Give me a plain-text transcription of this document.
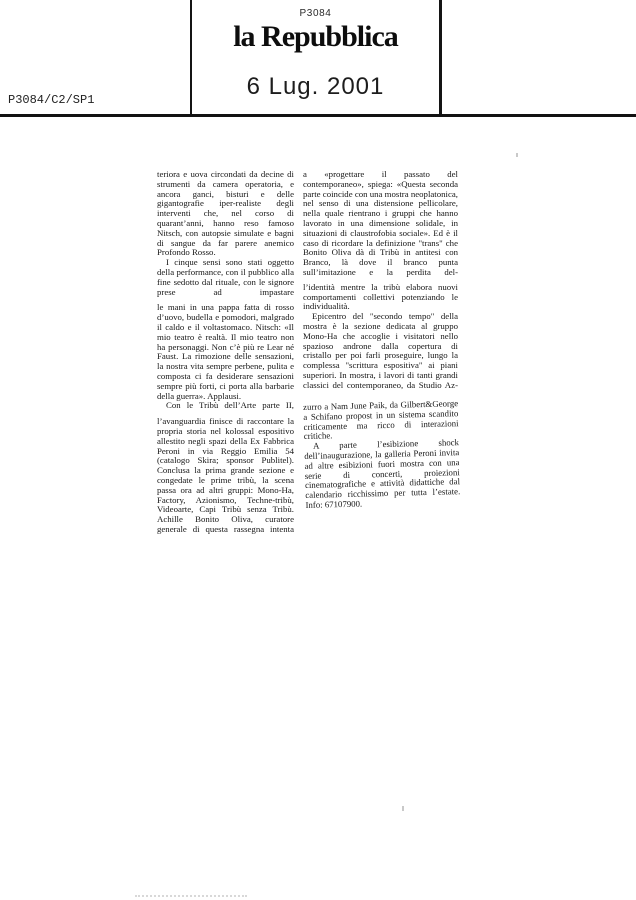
P3084
la Repubblica
6 Lug. 2001
P3084/C2/SP1

teriora e uova circondati da decine di strumenti da camera operatoria, e ancora ganci, bisturi e delle gigantografie iper-realiste degli interventi che, nel corso di quarant’anni, hanno reso famoso Nitsch, con autopsie simulate e bagni di sangue da far parere anemico Profondo Rosso.

I cinque sensi sono stati oggetto della performance, con il pubblico alla fine sedotto dal rituale, con le signore prese ad impastare

le mani in una pappa fatta di rosso d’uovo, budella e pomodori, malgrado il caldo e il voltastomaco. Nitsch: «Il mio teatro è realtà. Il mio teatro non ha personaggi. Non c’è più re Lear né Faust. La rimozione delle sensazioni, la nostra vita sempre perbene, pulita e composta ci fa desiderare sensazioni sempre più forti, ci porta alla barbarie della guerra». Applausi.

Con le Tribù dell’Arte parte II,

l’avanguardia finisce di raccontare la propria storia nel kolossal espositivo allestito negli spazi della Ex Fabbrica Peroni in via Reggio Emilia 54 (catalogo Skira; sponsor Publitel). Conclusa la prima grande sezione e congedate le prime tribù, la scena passa ora ad altri gruppi: Mono-Ha, Factory, Azionismo, Techne-tribù, Videoarte, Capi Tribù senza Tribù. Achille Bonito Oliva, curatore generale di questa rassegna intenta

a «progettare il passato del contemporaneo», spiega: «Questa seconda parte coincide con una mostra neoplatonica, nel senso di una distensione pellicolare, nella quale rientrano i gruppi che hanno lavorato in una dimensione solidale, in situazioni di claustrofobia sociale». Ed è il caso di ricordare la definizione "trans" che Bonito Oliva dà di Tribù in antitesi con Branco, là dove il branco punta sull’imitazione e la perdita del-

l’identità mentre la tribù elabora nuovi comportamenti collettivi potenziando le individualità.

Epicentro del "secondo tempo" della mostra è la sezione dedicata al gruppo Mono-Ha che accoglie i visitatori nello spazioso androne dalla copertura di cristallo per poi farli proseguire, lungo la complessa "scrittura espositiva" ai piani superiori. In mostra, i lavori di tanti grandi classici del contemporaneo, da Studio Az-

zurro a Nam June Paik, da Gilbert&George a Schifano propost in un sistema scandito criticamente ma ricco di interazioni critiche.

A parte l’esibizione shock dell’inaugurazione, la galleria Peroni invita ad altre esibizioni fuori mostra con una serie di concerti, proiezioni cinematografiche e attività didattiche dal calendario ricchissimo per tutta l’estate. Info: 67107900.
